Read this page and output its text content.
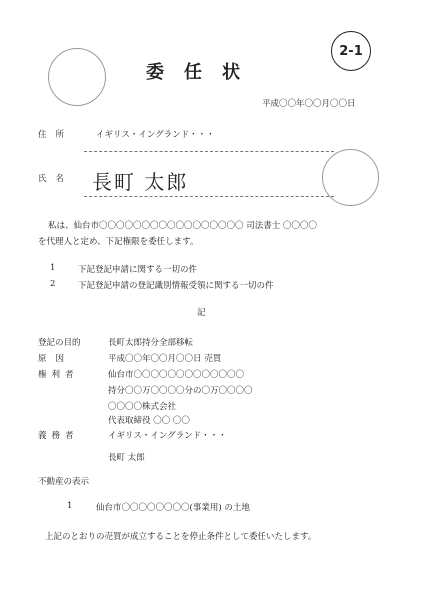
2-1
委任状
平成〇〇年〇〇月〇〇日
住所	イギリス・イングランド・・・
氏名 長町 太郎
私は、仙台市〇〇〇〇〇〇〇〇〇〇〇〇〇〇〇〇〇 司法書士 〇〇〇〇
を代理人と定め、下記権限を委任します。
1	下記登記申請に関する一切の件
2	下記登記申請の登記識別情報受領に関する一切の件
記
登記の目的	長町太郎持分全部移転
原因	平成〇〇年〇〇月〇〇日 売買
権利者	仙台市〇〇〇〇〇〇〇〇〇〇〇〇〇
持分〇〇万〇〇〇〇分の〇万〇〇〇〇
〇〇〇〇株式会社
代表取締役 〇〇 〇〇
義務者	イギリス・イングランド・・・
長町 太郎
不動産の表示
1	仙台市〇〇〇〇〇〇〇〇(事業用) の土地
上記のとおりの売買が成立することを停止条件として委任いたします。
